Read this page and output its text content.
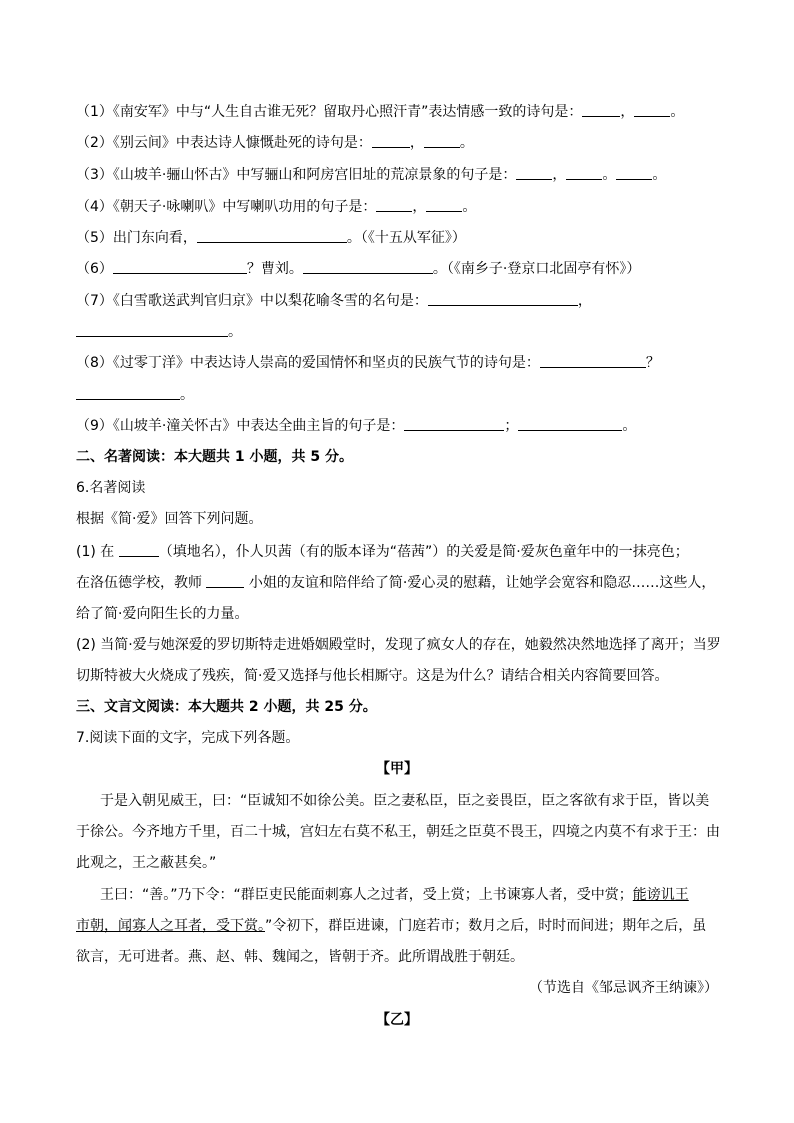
（1）《南安军》中与“人生自古谁无死？留取丹心照汗青”表达情感一致的诗句是：	，	。
（2）《别云间》中表达诗人慷慨赴死的诗句是：	，	。
（3）《山坡羊·骊山怀古》中写骊山和阿房宫旧址的荒凉景象的句子是：	，	。	。
（4）《朝天子·咏喇叭》中写喇叭功用的句子是：	，	。
（5）出门东向看，	。（《十五从军征》）
（6）	？曹刘。	。（《南乡子·登京口北固亭有怀》）
（7）《白雪歌送武判官归京》中以梨花喻冬雪的名句是：	，
。
（8）《过零丁洋》中表达诗人崇高的爱国情怀和坚贞的民族气节的诗句是：	？
。
（9）《山坡羊·潼关怀古》中表达全曲主旨的句子是：	；	。
二、名著阅读：本大题共 1 小题，共 5 分。
6.名著阅读
根据《简·爱》回答下列问题。
(1) 在	（填地名），仆人贝茜（有的版本译为“蓓茜”）的关爱是简·爱灰色童年中的一抹亮色；
在洛伍德学校，教师	小姐的友谊和陪伴给了简·爱心灵的慰藉，让她学会宽容和隐忍……这些人，
给了简·爱向阳生长的力量。
(2) 当简·爱与她深爱的罗切斯特走进婚姻殿堂时，发现了疯女人的存在，她毅然决然地选择了离开；当罗
切斯特被大火烧成了残疾，简·爱又选择与他长相厮守。这是为什么？请结合相关内容简要回答。
三、文言文阅读：本大题共 2 小题，共 25 分。
7.阅读下面的文字，完成下列各题。
【甲】
于是入朝见威王，曰：“臣诚知不如徐公美。臣之妻私臣，臣之妾畏臣，臣之客欲有求于臣，皆以美
于徐公。今齐地方千里，百二十城，宫妇左右莫不私王，朝廷之臣莫不畏王，四境之内莫不有求于王：由
此观之，王之蔽甚矣。”
王曰：“善。”乃下令：“群臣吏民能面刺寡人之过者，受上赏；上书谏寡人者，受中赏；能谤讥王
市朝，闻寡人之耳者，受下赏。”令初下，群臣进谏，门庭若市；数月之后，时时而间进；期年之后，虽
欲言，无可进者。燕、赵、韩、魏闻之，皆朝于齐。此所谓战胜于朝廷。
（节选自《邹忌讽齐王纳谏》）
【乙】
